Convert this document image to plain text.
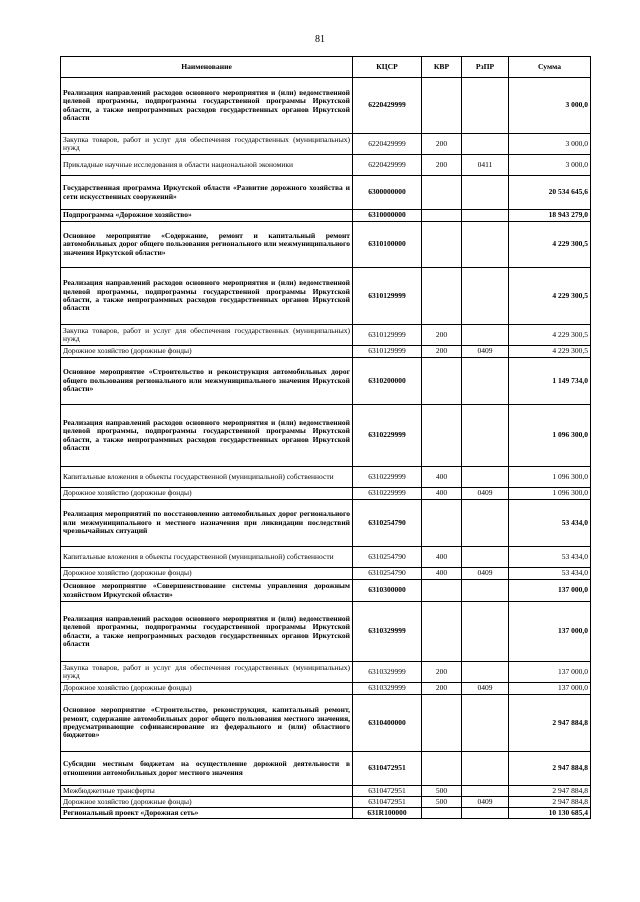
81
Наименование	КЦСР	КВР	РзПР	Сумма
Реализация направлений расходов основного мероприятия и (или) ведомственной целевой программы, подпрограммы государственной программы Иркутской области, а также непрограммных расходов государственных органов Иркутской области	6220429999			3 000,0
Закупка товаров, работ и услуг для обеспечения государственных (муниципальных) нужд	6220429999	200		3 000,0
Прикладные научные исследования в области национальной экономики	6220429999	200	0411	3 000,0
Государственная программа Иркутской области «Развитие дорожного хозяйства и сети искусственных сооружений»	6300000000			20 534 645,6
Подпрограмма «Дорожное хозяйство»	6310000000			18 943 279,0
Основное мероприятие «Содержание, ремонт и капитальный ремонт автомобильных дорог общего пользования регионального или межмуниципального значения Иркутской области»	6310100000			4 229 300,5
Реализация направлений расходов основного мероприятия и (или) ведомственной целевой программы, подпрограммы государственной программы Иркутской области, а также непрограммных расходов государственных органов Иркутской области	6310129999			4 229 300,5
Закупка товаров, работ и услуг для обеспечения государственных (муниципальных) нужд	6310129999	200		4 229 300,5
Дорожное хозяйство (дорожные фонды)	6310129999	200	0409	4 229 300,5
Основное мероприятие «Строительство и реконструкция автомобильных дорог общего пользования регионального или межмуниципального значения Иркутской области»	6310200000			1 149 734,0
Реализация направлений расходов основного мероприятия и (или) ведомственной целевой программы, подпрограммы государственной программы Иркутской области, а также непрограммных расходов государственных органов Иркутской области	6310229999			1 096 300,0
Капитальные вложения в объекты государственной (муниципальной) собственности	6310229999	400		1 096 300,0
Дорожное хозяйство (дорожные фонды)	6310229999	400	0409	1 096 300,0
Реализация мероприятий по восстановлению автомобильных дорог регионального или межмуниципального и местного назначения при ликвидации последствий чрезвычайных ситуаций	6310254790			53 434,0
Капитальные вложения в объекты государственной (муниципальной) собственности	6310254790	400		53 434,0
Дорожное хозяйство (дорожные фонды)	6310254790	400	0409	53 434,0
Основное мероприятие «Совершенствование системы управления дорожным хозяйством Иркутской области»	6310300000			137 000,0
Реализация направлений расходов основного мероприятия и (или) ведомственной целевой программы, подпрограммы государственной программы Иркутской области, а также непрограммных расходов государственных органов Иркутской области	6310329999			137 000,0
Закупка товаров, работ и услуг для обеспечения государственных (муниципальных) нужд	6310329999	200		137 000,0
Дорожное хозяйство (дорожные фонды)	6310329999	200	0409	137 000,0
Основное мероприятие «Строительство, реконструкция, капитальный ремонт, ремонт, содержание автомобильных дорог общего пользования местного значения, предусматривающие софинансирование из федерального и (или) областного бюджетов»	6310400000			2 947 884,8
Субсидии местным бюджетам на осуществление дорожной деятельности в отношении автомобильных дорог местного значения	6310472951			2 947 884,8
Межбюджетные трансферты	6310472951	500		2 947 884,8
Дорожное хозяйство (дорожные фонды)	6310472951	500	0409	2 947 884,8
Региональный проект «Дорожная сеть»	631R100000			10 130 685,4
